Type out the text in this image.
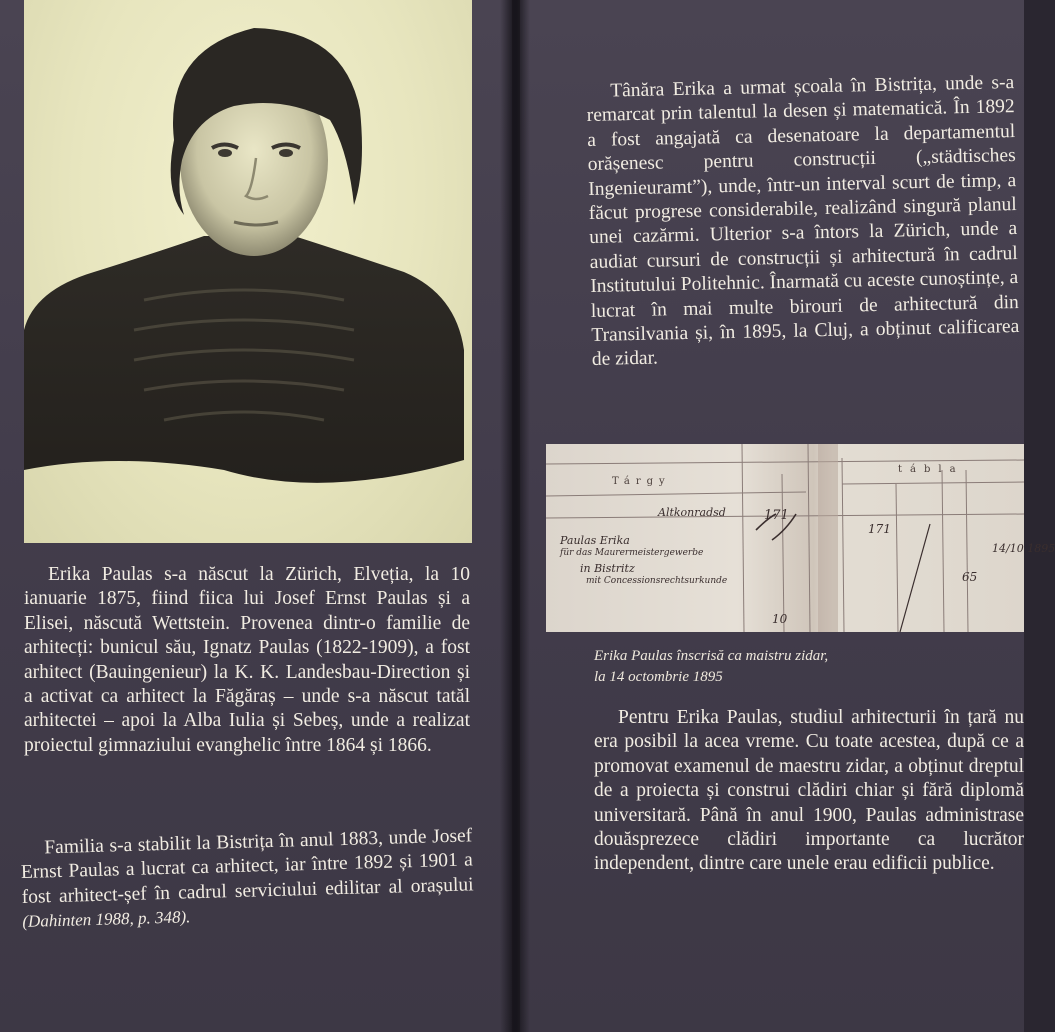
Erika Paulas s-a născut la Zürich, Elveția, la 10 ianuarie 1875, fiind fiica lui Josef Ernst Paulas și a Elisei, născută Wettstein. Provenea dintr-o familie de arhitecți: bunicul său, Ignatz Paulas (1822-1909), a fost arhitect (Bauingenieur) la K. K. Landesbau-Direction și a activat ca arhitect la Făgăraș – unde s-a născut tatăl arhitectei – apoi la Alba Iulia și Sebeș, unde a realizat proiectul gimnaziului evanghelic între 1864 și 1866.

Familia s-a stabilit la Bistrița în anul 1883, unde Josef Ernst Paulas a lucrat ca arhitect, iar între 1892 și 1901 a fost arhitect-șef în cadrul serviciului edilitar al orașului (Dahinten 1988, p. 348).

Tânăra Erika a urmat școala în Bistrița, unde s-a remarcat prin talentul la desen și matematică. În 1892 a fost angajată ca desenatoare la departamentul orășenesc pentru construcții („städtisches Ingenieuramt”), unde, într-un interval scurt de timp, a făcut progrese considerabile, realizând singură planul unei cazărmi. Ulterior s-a întors la Zürich, unde a audiat cursuri de construcții și arhitectură în cadrul Institutului Politehnic. Înarmată cu aceste cunoștințe, a lucrat în mai multe birouri de arhitectură din Transilvania și, în 1895, la Cluj, a obținut calificarea de zidar.

Tárgy
tábla
Altkonradsd
Paulas Erika
für das Maurermeistergewerbe
in Bistritz
mit Concessionsrechtsurkunde
171
171
65
14/10 1895
10

Erika Paulas înscrisă ca maistru zidar,

la 14 octombrie 1895

Pentru Erika Paulas, studiul arhitecturii în țară nu era posibil la acea vreme. Cu toate acestea, după ce a promovat examenul de maestru zidar, a obținut dreptul de a proiecta și construi clădiri chiar și fără diplomă universitară. Până în anul 1900, Paulas administrase douăsprezece clădiri importante ca lucrător independent, dintre care unele erau edificii publice.
